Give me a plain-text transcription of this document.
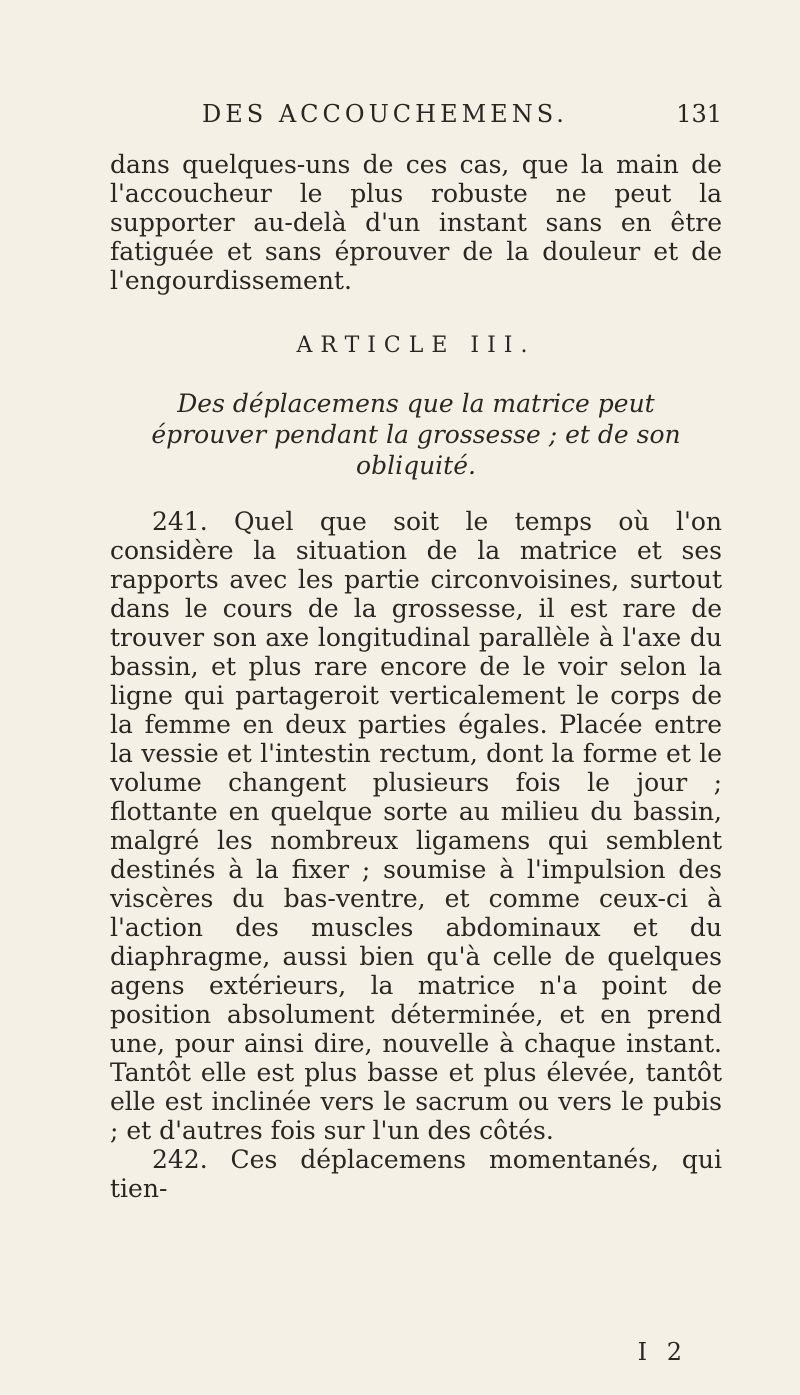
DES ACCOUCHEMENS.	131

dans quelques-uns de ces cas, que la main de l'accoucheur le plus robuste ne peut la supporter au-delà d'un instant sans en être fatiguée et sans éprouver de la douleur et de l'engourdissement.

ARTICLE III.

Des déplacemens que la matrice peut éprouver pendant la grossesse ; et de son obliquité.

241. Quel que soit le temps où l'on considère la situation de la matrice et ses rapports avec les partie circonvoisines, surtout dans le cours de la grossesse, il est rare de trouver son axe longitudinal parallèle à l'axe du bassin, et plus rare encore de le voir selon la ligne qui partageroit verticalement le corps de la femme en deux parties égales. Placée entre la vessie et l'intestin rectum, dont la forme et le volume changent plusieurs fois le jour ; flottante en quelque sorte au milieu du bassin, malgré les nombreux ligamens qui semblent destinés à la fixer ; soumise à l'impulsion des viscères du bas-ventre, et comme ceux-ci à l'action des muscles abdominaux et du diaphragme, aussi bien qu'à celle de quelques agens extérieurs, la matrice n'a point de position absolument déterminée, et en prend une, pour ainsi dire, nouvelle à chaque instant. Tantôt elle est plus basse et plus élevée, tantôt elle est inclinée vers le sacrum ou vers le pubis ; et d'autres fois sur l'un des côtés.

242. Ces déplacemens momentanés, qui tien-

I 2
